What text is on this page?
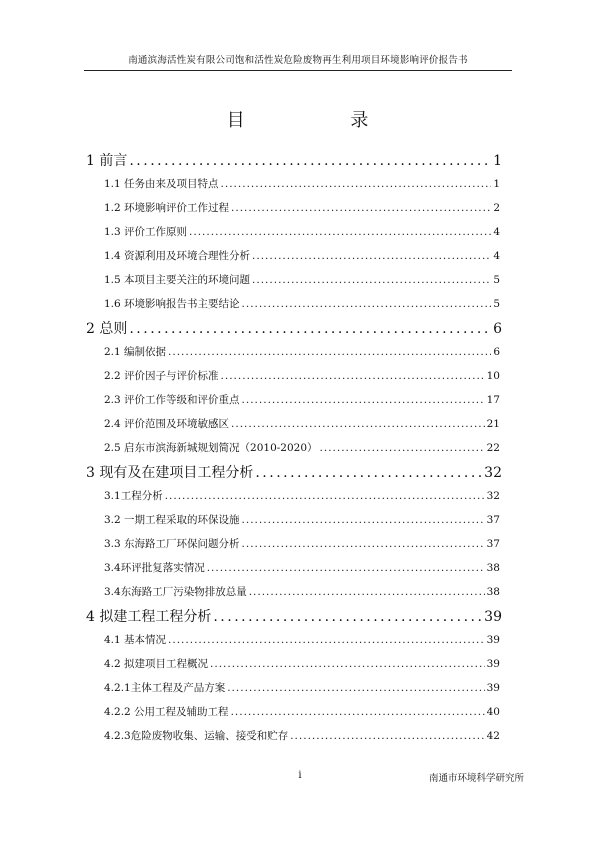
南通滨海活性炭有限公司饱和活性炭危险废物再生利用项目环境影响评价报告书
目 录
1 前言 .....	1
1.1 任务由来及项目特点 .....	1
1.2 环境影响评价工作过程 .....	2
1.3 评价工作原则 .....	4
1.4 资源利用及环境合理性分析 .....	4
1.5 本项目主要关注的环境问题 .....	5
1.6 环境影响报告书主要结论 .....	5
2 总则 .....	6
2.1 编制依据 .....	6
2.2 评价因子与评价标准 .....	10
2.3 评价工作等级和评价重点 .....	17
2.4 评价范围及环境敏感区 .....	21
2.5 启东市滨海新城规划简况（2010-2020） .....	22
3 现有及在建项目工程分析 .....	32
3.1工程分析 .....	32
3.2 一期工程采取的环保设施 .....	37
3.3 东海路工厂环保问题分析 .....	37
3.4环评批复落实情况 .....	38
3.4东海路工厂污染物排放总量 .....	38
4 拟建工程工程分析 .....	39
4.1 基本情况 .....	39
4.2 拟建项目工程概况 .....	39
4.2.1主体工程及产品方案 .....	39
4.2.2 公用工程及辅助工程 .....	40
4.2.3危险废物收集、运输、接受和贮存 .....	42
i	南通市环境科学研究所
